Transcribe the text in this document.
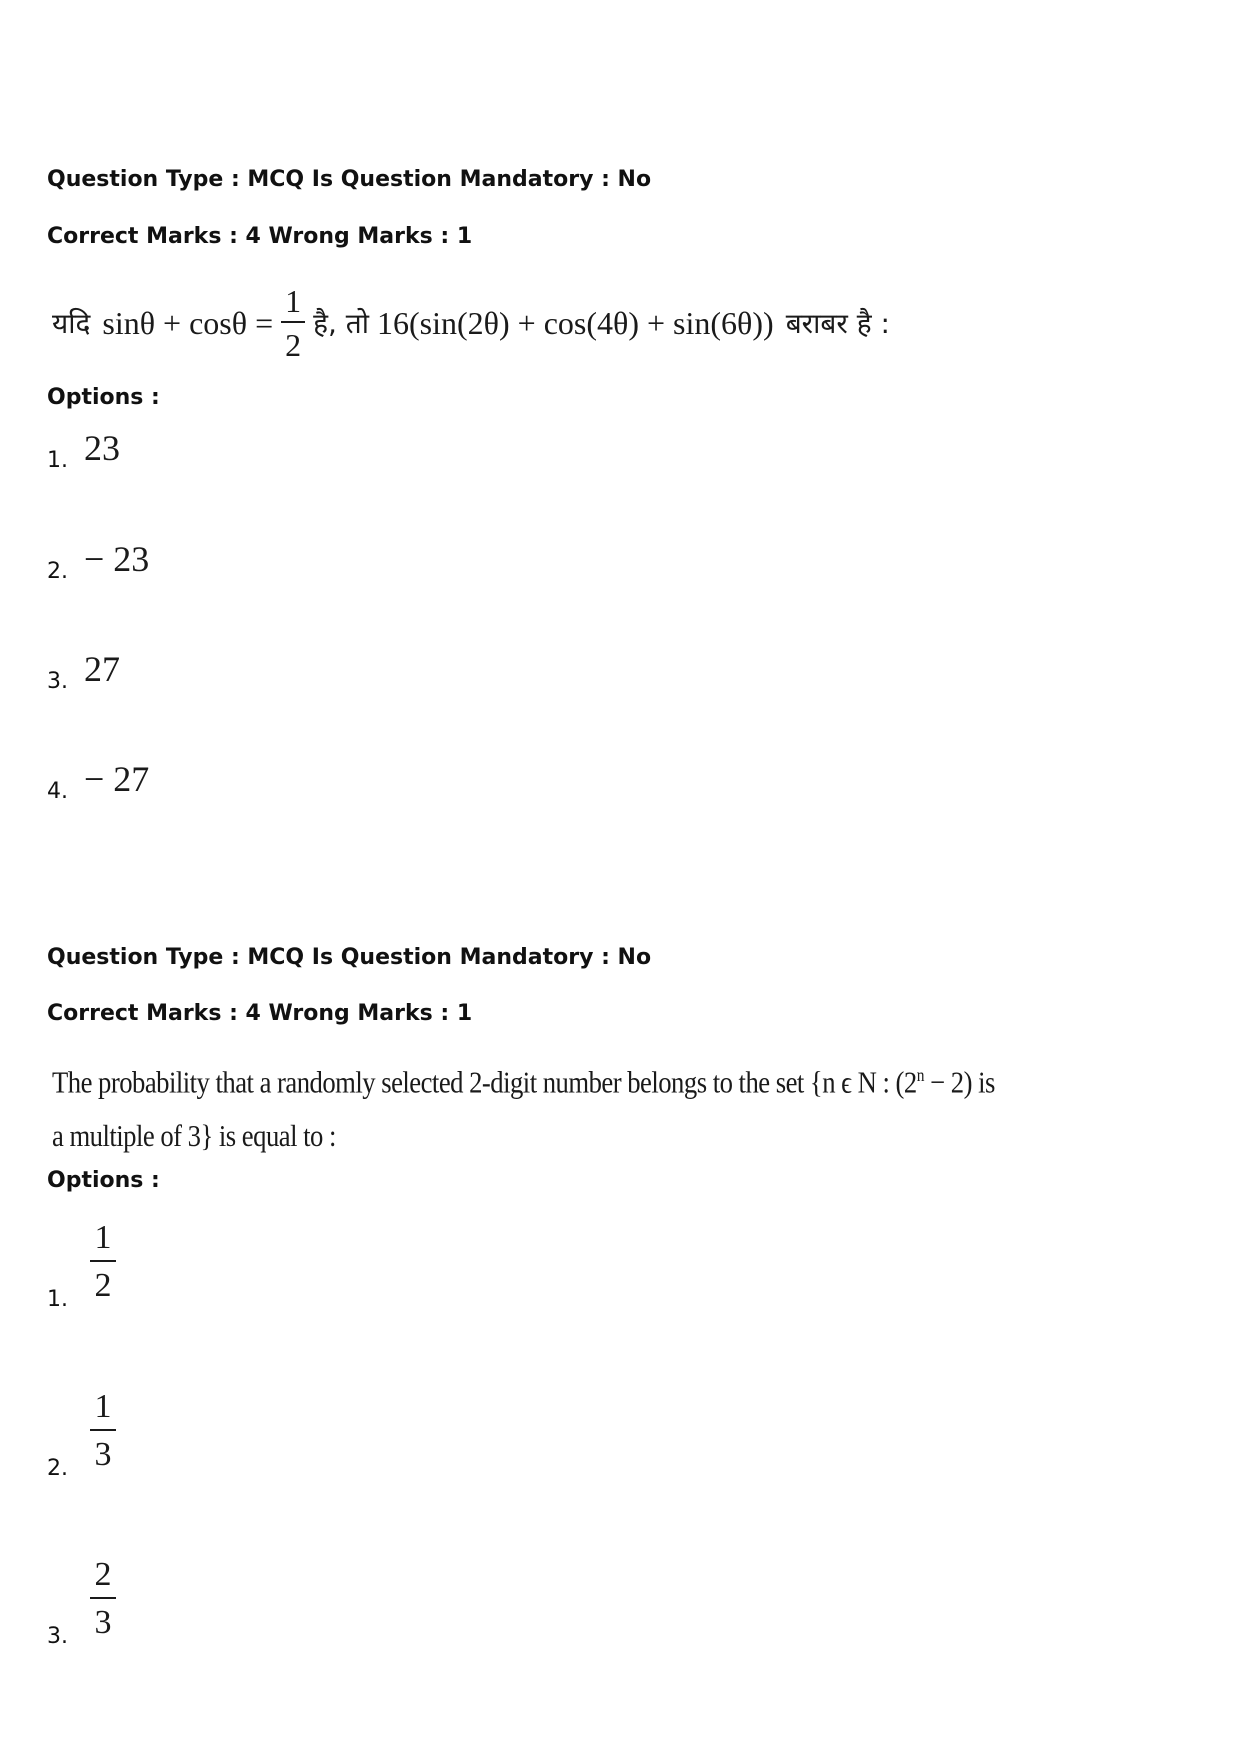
Question Type : MCQ Is Question Mandatory : No
Correct Marks : 4 Wrong Marks : 1
यदि $\sin\theta + \cos\theta = \frac{1}{2}$ है, तो 16(sin(2θ) + cos(4θ) + sin(6θ)) बराबर है :
Options :
1. 23
2. − 23
3. 27
4. − 27
Question Type : MCQ Is Question Mandatory : No
Correct Marks : 4 Wrong Marks : 1
The probability that a randomly selected 2-digit number belongs to the set {n ϵ N : $(2^n - 2)$ is
a multiple of 3} is equal to :
Options :
1.
1
2
2.
1
3
3.
2
3
